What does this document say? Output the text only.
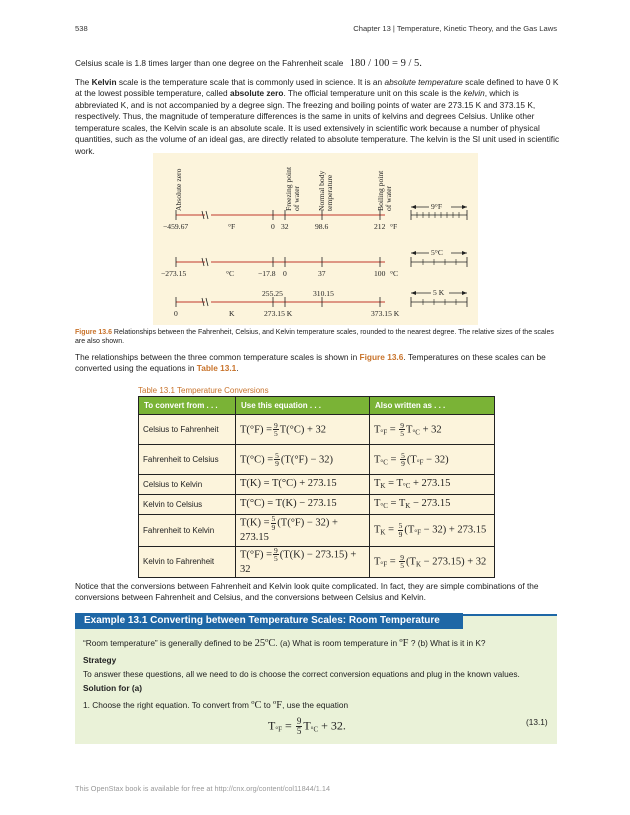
538	Chapter 13 | Temperature, Kinetic Theory, and the Gas Laws
Celsius scale is 1.8 times larger than one degree on the Fahrenheit scale 180 / 100 = 9 / 5.
The Kelvin scale is the temperature scale that is commonly used in science. It is an absolute temperature scale defined to have 0 K at the lowest possible temperature, called absolute zero. The official temperature unit on this scale is the kelvin, which is abbreviated K, and is not accompanied by a degree sign. The freezing and boiling points of water are 273.15 K and 373.15 K, respectively. Thus, the magnitude of temperature differences is the same in units of kelvins and degrees Celsius. Unlike other temperature scales, the Kelvin scale is an absolute scale. It is used extensively in scientific work because a number of physical quantities, such as the volume of an ideal gas, are directly related to absolute temperature. The kelvin is the SI unit used in scientific work.
Absolute zero	Freezing point of water Normal body temperature	Boiling point of water
−459.67	°F	0 32	98.6	212 °F
9°F
−273.15	°C	−17.8 0	37	100 °C
5°C
255.25	310.15
0	K	273.15 K	373.15 K
5 K
Figure 13.6 Relationships between the Fahrenheit, Celsius, and Kelvin temperature scales, rounded to the nearest degree. The relative sizes of the scales are also shown.
The relationships between the three common temperature scales is shown in Figure 13.6. Temperatures on these scales can be converted using the equations in Table 13.1.
Table 13.1 Temperature Conversions
To convert from . . .	Use this equation . . .	Also written as . . .
Celsius to Fahrenheit	$T(^\circ F) = \frac{9}{5} T(^\circ C) + 32$	$T_{^\circ F} = \frac{9}{5} T_{^\circ C} + 32$
Fahrenheit to Celsius	$T(^\circ C) = \frac{5}{9} (T(^\circ F) - 32)$	$T_{^\circ C} = \frac{5}{9} (T_{^\circ F} - 32)$
Celsius to Kelvin	T(K) = T(°C) + 273.15	$T_K = T_{^\circ C} + 273.15$
Kelvin to Celsius	T(°C) = T(K) − 273.15	$T_{^\circ C} = T_K - 273.15$
Fahrenheit to Kelvin	$T(K) = \frac{5}{9} (T(^\circ F) - 32) + 273.15$	$T_K = \frac{5}{9} (T_{^\circ F} - 32) + 273.15$
Kelvin to Fahrenheit	$T(^\circ F) = \frac{9}{5} (T(K) - 273.15) + 32$	$T_{^\circ F} = \frac{9}{5} (T_K - 273.15) + 32$
Notice that the conversions between Fahrenheit and Kelvin look quite complicated. In fact, they are simple combinations of the conversions between Fahrenheit and Celsius, and the conversions between Celsius and Kelvin.
Example 13.1 Converting between Temperature Scales: Room Temperature
“Room temperature” is generally defined to be 25ºC. (a) What is room temperature in ºF ? (b) What is it in K?
Strategy
To answer these questions, all we need to do is choose the correct conversion equations and plug in the known values.
Solution for (a)
1. Choose the right equation. To convert from ºC to ºF, use the equation
$T_{^\circ F} = \frac{9}{5} T_{^\circ C} + 32$.	(13.1)
This OpenStax book is available for free at http://cnx.org/content/col11844/1.14
